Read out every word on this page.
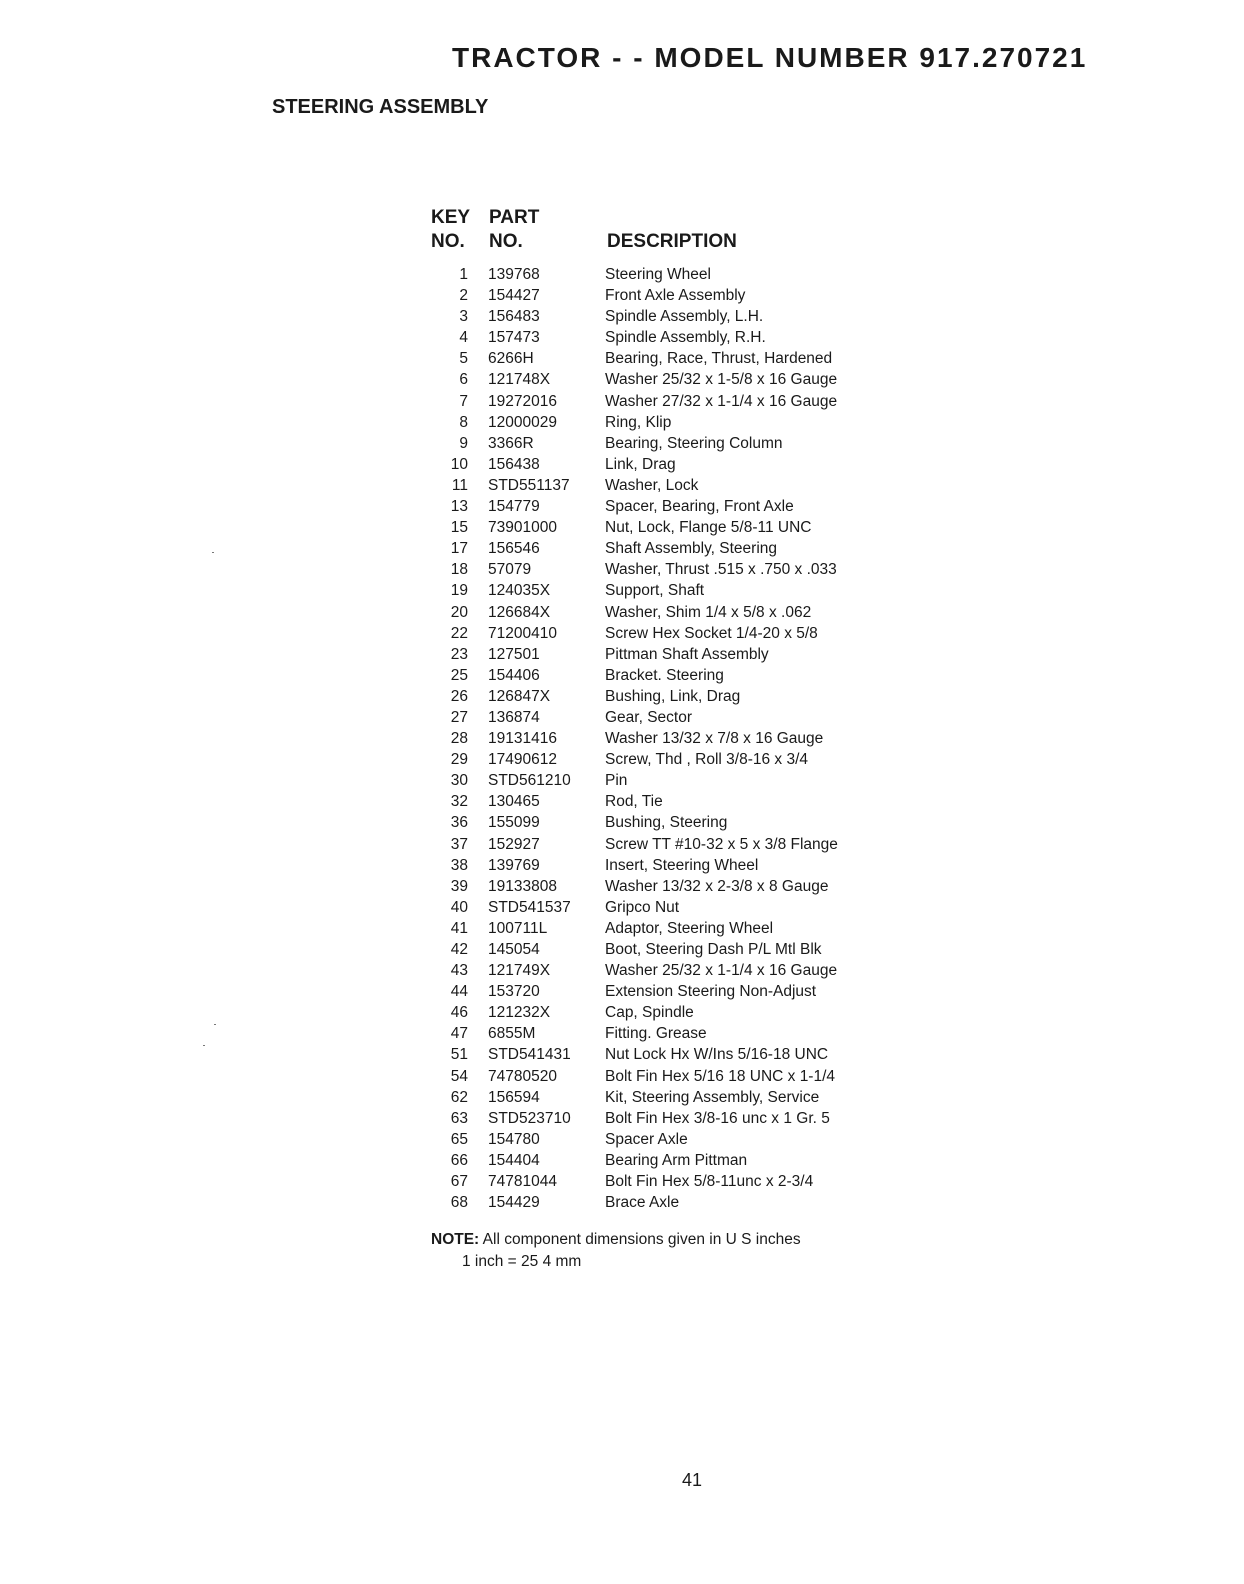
TRACTOR - - MODEL NUMBER 917.270721
STEERING ASSEMBLY
KEY
NO.
PART
NO.	DESCRIPTION
1 139768	Steering Wheel
2 154427	Front Axle Assembly
3 156483	Spindle Assembly, L.H.
4 157473	Spindle Assembly, R.H.
5 6266H	Bearing, Race, Thrust, Hardened
6 121748X	Washer 25/32 x 1-5/8 x 16 Gauge
7 19272016	Washer 27/32 x 1-1/4 x 16 Gauge
8 12000029	Ring, Klip
9 3366R	Bearing, Steering Column
10 156438	Link, Drag
11 STD551137 Washer, Lock
13 154779	Spacer, Bearing, Front Axle
15 73901000	Nut, Lock, Flange 5/8-11 UNC
17 156546	Shaft Assembly, Steering
18 57079	Washer, Thrust .515 x .750 x .033
19 124035X	Support, Shaft
20 126684X	Washer, Shim 1/4 x 5/8 x .062
22 71200410	Screw Hex Socket 1/4-20 x 5/8
23 127501	Pittman Shaft Assembly
25 154406	Bracket. Steering
26 126847X	Bushing, Link, Drag
27 136874	Gear, Sector
28 19131416	Washer 13/32 x 7/8 x 16 Gauge
29 17490612	Screw, Thd , Roll 3/8-16 x 3/4
30 STD561210 Pin
32 130465	Rod, Tie
36 155099	Bushing, Steering
37 152927	Screw TT #10-32 x 5 x 3/8 Flange
38 139769	Insert, Steering Wheel
39 19133808	Washer 13/32 x 2-3/8 x 8 Gauge
40 STD541537 Gripco Nut
41 100711L	Adaptor, Steering Wheel
42 145054	Boot, Steering Dash P/L Mtl Blk
43 121749X	Washer 25/32 x 1-1/4 x 16 Gauge
44 153720	Extension Steering Non-Adjust
46 121232X	Cap, Spindle
47 6855M	Fitting. Grease
51 STD541431 Nut Lock Hx W/Ins 5/16-18 UNC
54 74780520	Bolt Fin Hex 5/16 18 UNC x 1-1/4
62 156594	Kit, Steering Assembly, Service
63 STD523710 Bolt Fin Hex 3/8-16 unc x 1 Gr. 5
65 154780	Spacer Axle
66 154404	Bearing Arm Pittman
67 74781044	Bolt Fin Hex 5/8-11unc x 2-3/4
68 154429	Brace Axle
NOTE: All component dimensions given in U S inches
1 inch = 25 4 mm
41
